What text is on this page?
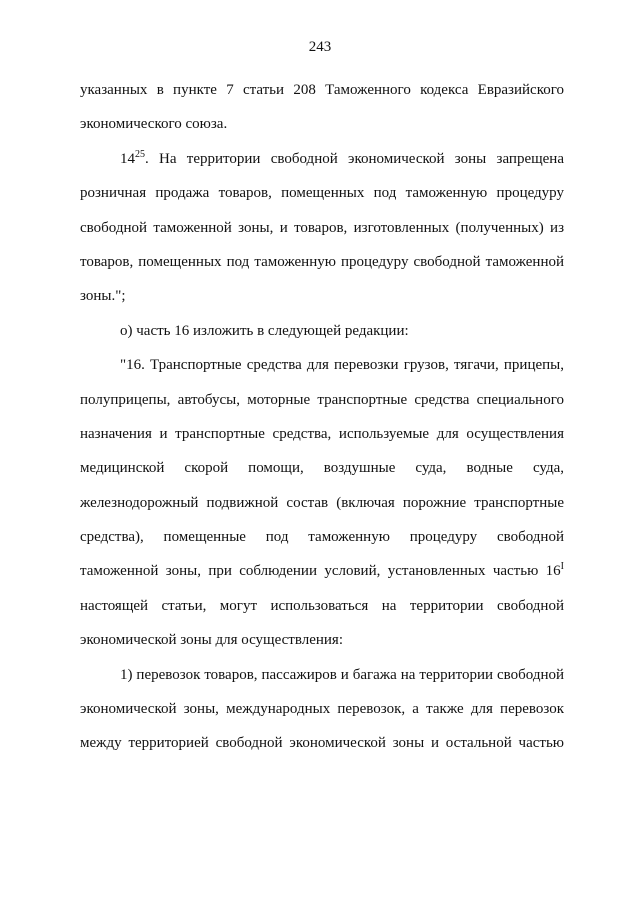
243
указанных в пункте 7 статьи 208 Таможенного кодекса Евразийского
экономического союза.
$14^{25}$. На территории свободной экономической зоны запрещена
розничная продажа товаров, помещенных под таможенную процедуру
свободной таможенной зоны, и товаров, изготовленных (полученных) из
товаров, помещенных под таможенную процедуру свободной таможенной
зоны.";
о) часть 16 изложить в следующей редакции:
"16. Транспортные средства для перевозки грузов, тягачи, прицепы,
полуприцепы, автобусы, моторные транспортные средства специального
назначения и транспортные средства, используемые для осуществления
медицинской скорой помощи, воздушные суда, водные суда,
железнодорожный подвижной состав (включая порожние транспортные
средства), помещенные под таможенную процедуру свободной
таможенной зоны, при соблюдении условий, установленных частью $16^I$
настоящей статьи, могут использоваться на территории свободной
экономической зоны для осуществления:
1) перевозок товаров, пассажиров и багажа на территории свободной
экономической зоны, международных перевозок, а также для перевозок
между территорией свободной экономической зоны и остальной частью
